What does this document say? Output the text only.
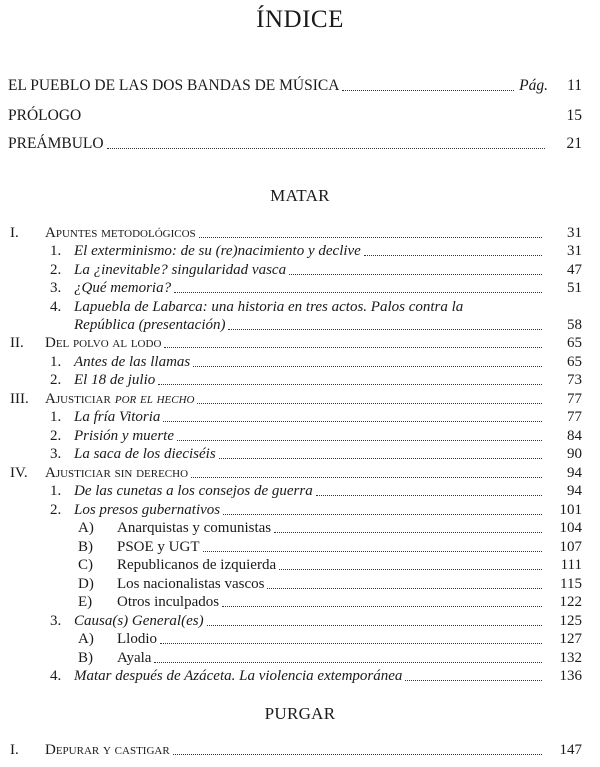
ÍNDICE
EL PUEBLO DE LAS DOS BANDAS DE MÚSICA	Pág. 11
PRÓLOGO	15
PREÁMBULO	21
MATAR
I. Apuntes metodológicos	31
1. El exterminismo: de su (re)nacimiento y declive	31
2. La ¿inevitable? singularidad vasca	47
3. ¿Qué memoria?	51
4. Lapuebla de Labarca: una historia en tres actos. Palos contra la
República (presentación)	58
II. Del polvo al lodo	65
1. Antes de las llamas	65
2. El 18 de julio	73
III. Ajusticiar por el hecho	77
1. La fría Vitoria	77
2. Prisión y muerte	84
3. La saca de los dieciséis	90
IV. Ajusticiar sin derecho	94
1. De las cunetas a los consejos de guerra	94
2. Los presos gubernativos	101
A) Anarquistas y comunistas	104
B) PSOE y UGT	107
C) Republicanos de izquierda	111
D) Los nacionalistas vascos	115
E) Otros inculpados	122
3. Causa(s) General(es)	125
A) Llodio	127
B) Ayala	132
4. Matar después de Azáceta. La violencia extemporánea	136
PURGAR
I. Depurar y castigar	147
